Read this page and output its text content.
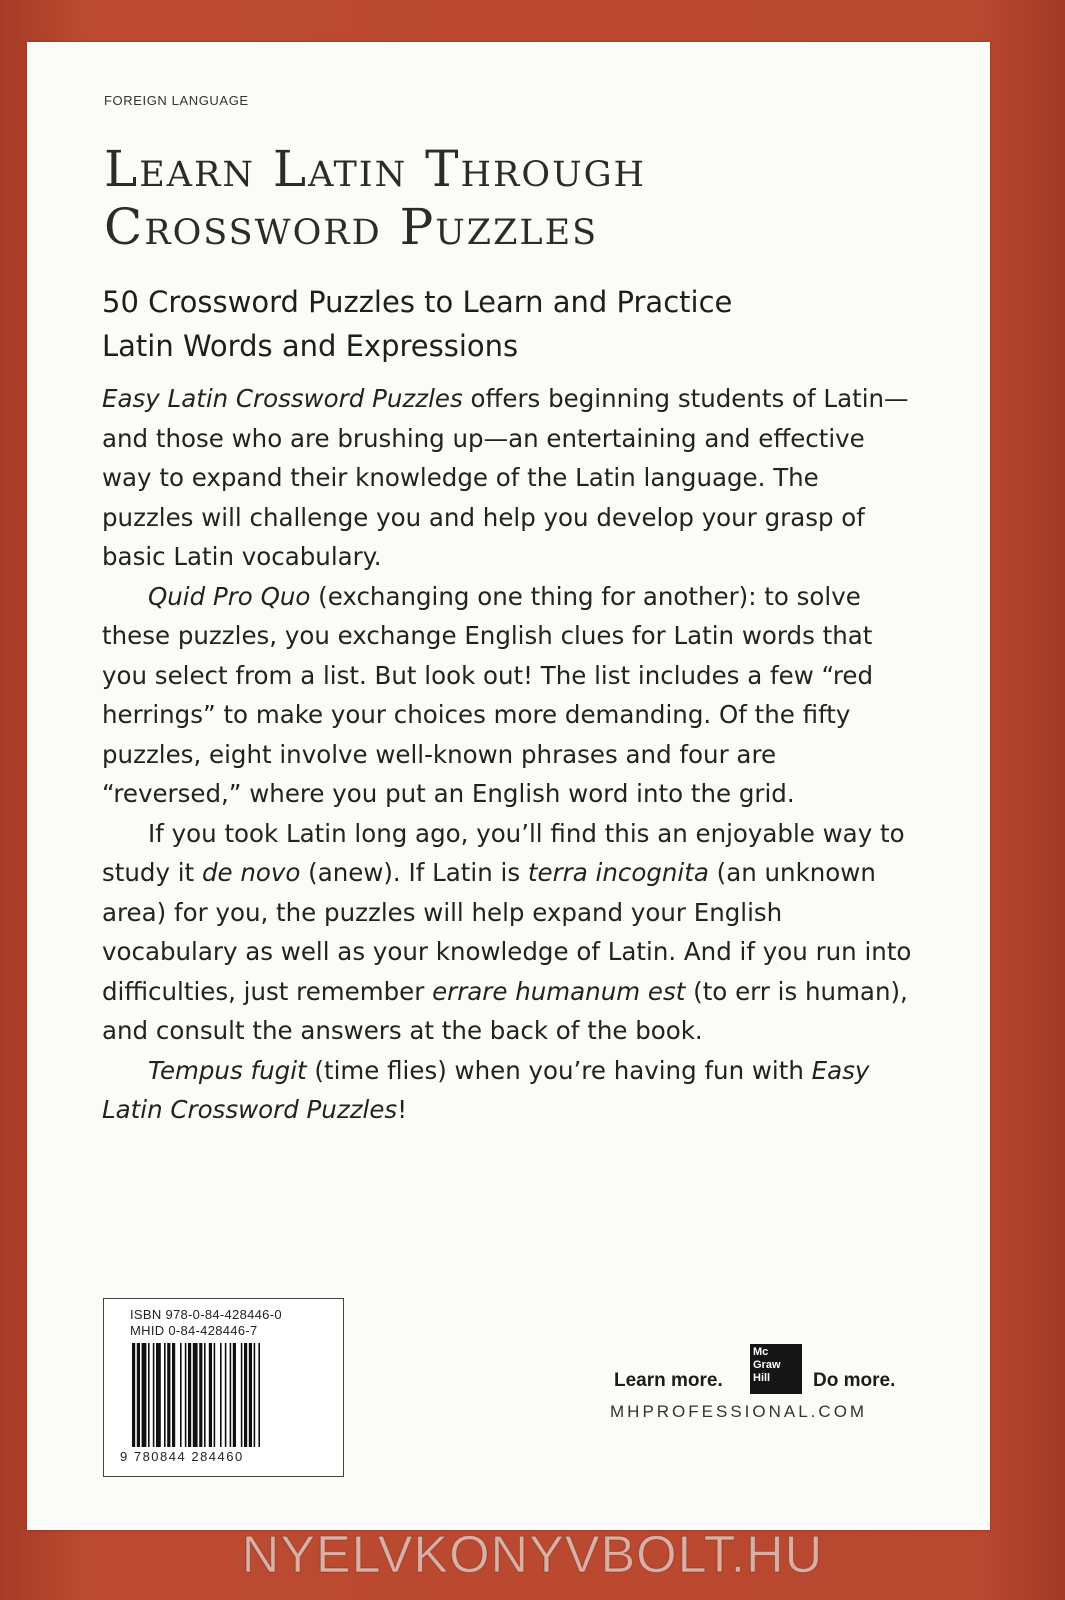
FOREIGN LANGUAGE
Learn Latin Through
Crossword Puzzles
50 Crossword Puzzles to Learn and Practice
Latin Words and Expressions

Easy Latin Crossword Puzzles offers beginning students of Latin—and those who are brushing up—an entertaining and effective way to expand their knowledge of the Latin language. The puzzles will challenge you and help you develop your grasp of basic Latin vocabulary.

Quid Pro Quo (exchanging one thing for another): to solve these puzzles, you exchange English clues for Latin words that you select from a list. But look out! The list includes a few “red herrings” to make your choices more demanding. Of the fifty puzzles, eight involve well-known phrases and four are “reversed,” where you put an English word into the grid.

If you took Latin long ago, you’ll find this an enjoyable way to study it de novo (anew). If Latin is terra incognita (an unknown area) for you, the puzzles will help expand your English vocabulary as well as your knowledge of Latin. And if you run into difficulties, just remember errare humanum est (to err is human), and consult the answers at the back of the book.

Tempus fugit (time flies) when you’re having fun with Easy Latin Crossword Puzzles!

ISBN 978-0-84-428446-0
MHID 0-84-428446-7
9 780844 284460
Learn more.
Mc
Graw
Hill Do more.
MHPROFESSIONAL.COM
NYELVKONYVBOLT.HU
